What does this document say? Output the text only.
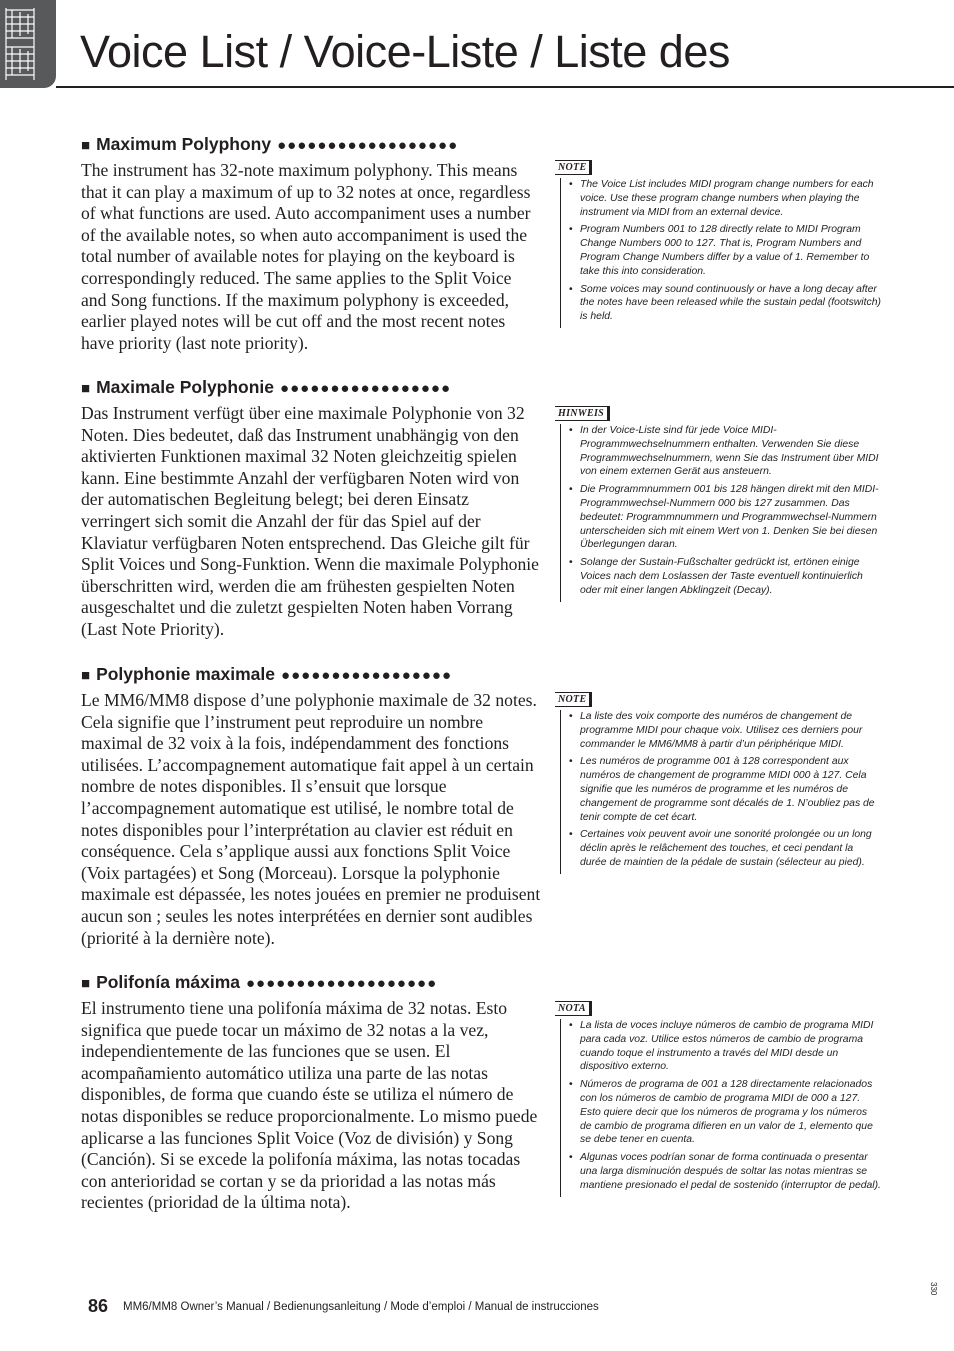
Voice List / Voice-Liste / Liste des
■ Maximum Polyphony ●●●●●●●●●●●●●●●●●●

The instrument has 32-note maximum polyphony. This means that it can play a maximum of up to 32 notes at once, regardless of what functions are used. Auto accompaniment uses a number of the available notes, so when auto accompaniment is used the total number of available notes for playing on the keyboard is correspondingly reduced. The same applies to the Split Voice and Song functions. If the maximum polyphony is exceeded, earlier played notes will be cut off and the most recent notes have priority (last note priority).

NOTE
• The Voice List includes MIDI program change numbers for each voice. Use these program change numbers when playing the instrument via MIDI from an external device.
• Program Numbers 001 to 128 directly relate to MIDI Program Change Numbers 000 to 127. That is, Program Numbers and Program Change Numbers differ by a value of 1. Remember to take this into consideration.
• Some voices may sound continuously or have a long decay after the notes have been released while the sustain pedal (footswitch) is held.
■ Maximale Polyphonie ●●●●●●●●●●●●●●●●●

Das Instrument verfügt über eine maximale Polyphonie von 32 Noten. Dies bedeutet, daß das Instrument unabhängig von den aktivierten Funktionen maximal 32 Noten gleichzeitig spielen kann. Eine bestimmte Anzahl der verfügbaren Noten wird von der automatischen Begleitung belegt; bei deren Einsatz verringert sich somit die Anzahl der für das Spiel auf der Klaviatur verfügbaren Noten entsprechend. Das Gleiche gilt für Split Voices und Song-Funktion. Wenn die maximale Polyphonie überschritten wird, werden die am frühesten gespielten Noten ausgeschaltet und die zuletzt gespielten Noten haben Vorrang (Last Note Priority).

HINWEIS
• In der Voice-Liste sind für jede Voice MIDI-Programmwechselnummern enthalten. Verwenden Sie diese Programmwechselnummern, wenn Sie das Instrument über MIDI von einem externen Gerät aus ansteuern.
• Die Programmnummern 001 bis 128 hängen direkt mit den MIDI-Programmwechsel-Nummern 000 bis 127 zusammen. Das bedeutet: Programmnummern und Programmwechsel-Nummern unterscheiden sich mit einem Wert von 1. Denken Sie bei diesen Überlegungen daran.
• Solange der Sustain-Fußschalter gedrückt ist, ertönen einige Voices nach dem Loslassen der Taste eventuell kontinuierlich oder mit einer langen Abklingzeit (Decay).
■ Polyphonie maximale ●●●●●●●●●●●●●●●●●

Le MM6/MM8 dispose d’une polyphonie maximale de 32 notes. Cela signifie que l’instrument peut reproduire un nombre maximal de 32 voix à la fois, indépendamment des fonctions utilisées. L’accompagnement automatique fait appel à un certain nombre de notes disponibles. Il s’ensuit que lorsque l’accompagnement automatique est utilisé, le nombre total de notes disponibles pour l’interprétation au clavier est réduit en conséquence. Cela s’applique aussi aux fonctions Split Voice (Voix partagées) et Song (Morceau). Lorsque la polyphonie maximale est dépassée, les notes jouées en premier ne produisent aucun son ; seules les notes interprétées en dernier sont audibles (priorité à la dernière note).

NOTE
• La liste des voix comporte des numéros de changement de programme MIDI pour chaque voix. Utilisez ces derniers pour commander le MM6/MM8 à partir d’un périphérique MIDI.
• Les numéros de programme 001 à 128 correspondent aux numéros de changement de programme MIDI 000 à 127. Cela signifie que les numéros de programme et les numéros de changement de programme sont décalés de 1. N’oubliez pas de tenir compte de cet écart.
• Certaines voix peuvent avoir une sonorité prolongée ou un long déclin après le relâchement des touches, et ceci pendant la durée de maintien de la pédale de sustain (sélecteur au pied).
■ Polifonía máxima ●●●●●●●●●●●●●●●●●●●

El instrumento tiene una polifonía máxima de 32 notas. Esto significa que puede tocar un máximo de 32 notas a la vez, independientemente de las funciones que se usen. El acompañamiento automático utiliza una parte de las notas disponibles, de forma que cuando éste se utiliza el número de notas disponibles se reduce proporcionalmente. Lo mismo puede aplicarse a las funciones Split Voice (Voz de división) y Song (Canción). Si se excede la polifonía máxima, las notas tocadas con anterioridad se cortan y se da prioridad a las notas más recientes (prioridad de la última nota).

NOTA
• La lista de voces incluye números de cambio de programa MIDI para cada voz. Utilice estos números de cambio de programa cuando toque el instrumento a través del MIDI desde un dispositivo externo.
• Números de programa de 001 a 128 directamente relacionados con los números de cambio de programa MIDI de 000 a 127. Esto quiere decir que los números de programa y los números de cambio de programa difieren en un valor de 1, elemento que se debe tener en cuenta.
• Algunas voces podrían sonar de forma continuada o presentar una larga disminución después de soltar las notas mientras se mantiene presionado el pedal de sostenido (interruptor de pedal).
86 MM6/MM8 Owner’s Manual / Bedienungsanleitung / Mode d’emploi / Manual de instrucciones
330
